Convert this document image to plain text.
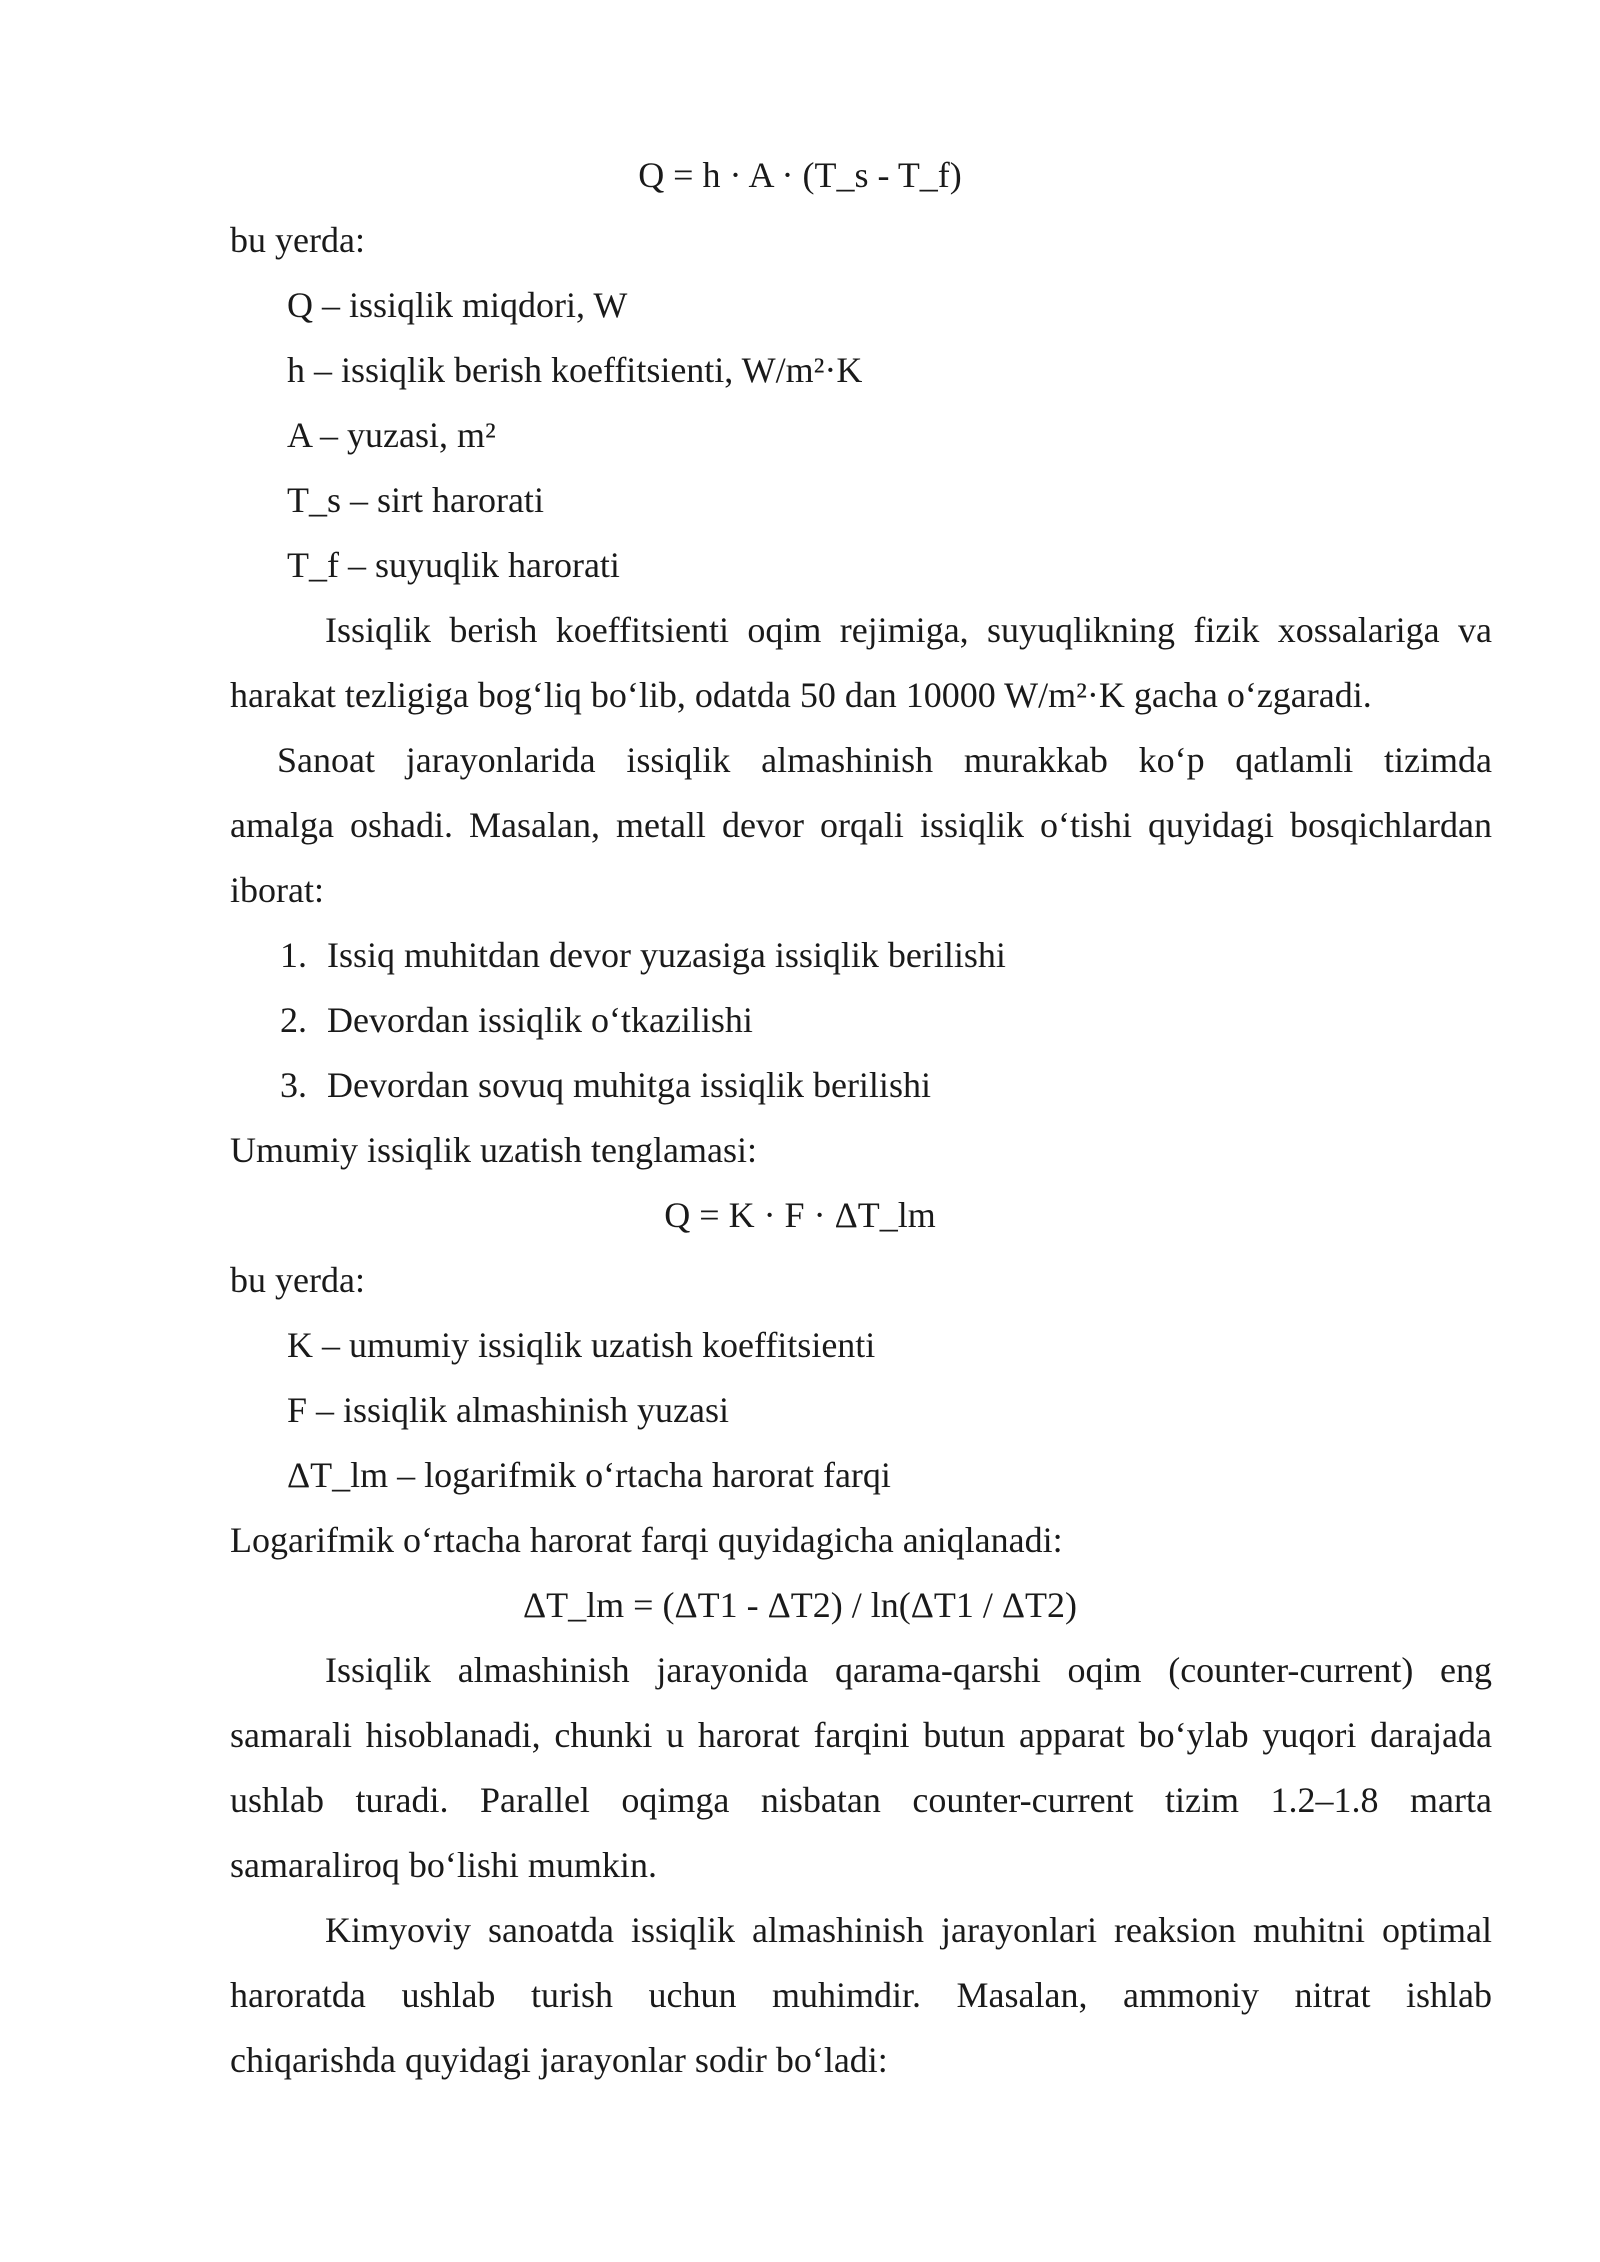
Q = h · A · (T_s - T_f)
bu yerda:
Q – issiqlik miqdori, W
h – issiqlik berish koeffitsienti, W/m²·K
A – yuzasi, m²
T_s – sirt harorati
T_f – suyuqlik harorati
Issiqlik berish koeffitsienti oqim rejimiga, suyuqlikning fizik xossalariga va
harakat tezligiga bog‘liq bo‘lib, odatda 50 dan 10000 W/m²·K gacha o‘zgaradi.
Sanoat jarayonlarida issiqlik almashinish murakkab ko‘p qatlamli tizimda
amalga oshadi. Masalan, metall devor orqali issiqlik o‘tishi quyidagi bosqichlardan
iborat:
1. Issiq muhitdan devor yuzasiga issiqlik berilishi
2. Devordan issiqlik o‘tkazilishi
3. Devordan sovuq muhitga issiqlik berilishi
Umumiy issiqlik uzatish tenglamasi:
Q = K · F · ΔT_lm
bu yerda:
K – umumiy issiqlik uzatish koeffitsienti
F – issiqlik almashinish yuzasi
ΔT_lm – logarifmik o‘rtacha harorat farqi
Logarifmik o‘rtacha harorat farqi quyidagicha aniqlanadi:
ΔT_lm = (ΔT1 - ΔT2) / ln(ΔT1 / ΔT2)
Issiqlik almashinish jarayonida qarama-qarshi oqim (counter-current) eng
samarali hisoblanadi, chunki u harorat farqini butun apparat bo‘ylab yuqori darajada
ushlab turadi. Parallel oqimga nisbatan counter-current tizim 1.2–1.8 marta
samaraliroq bo‘lishi mumkin.
Kimyoviy sanoatda issiqlik almashinish jarayonlari reaksion muhitni optimal
haroratda ushlab turish uchun muhimdir. Masalan, ammoniy nitrat ishlab
chiqarishda quyidagi jarayonlar sodir bo‘ladi:
